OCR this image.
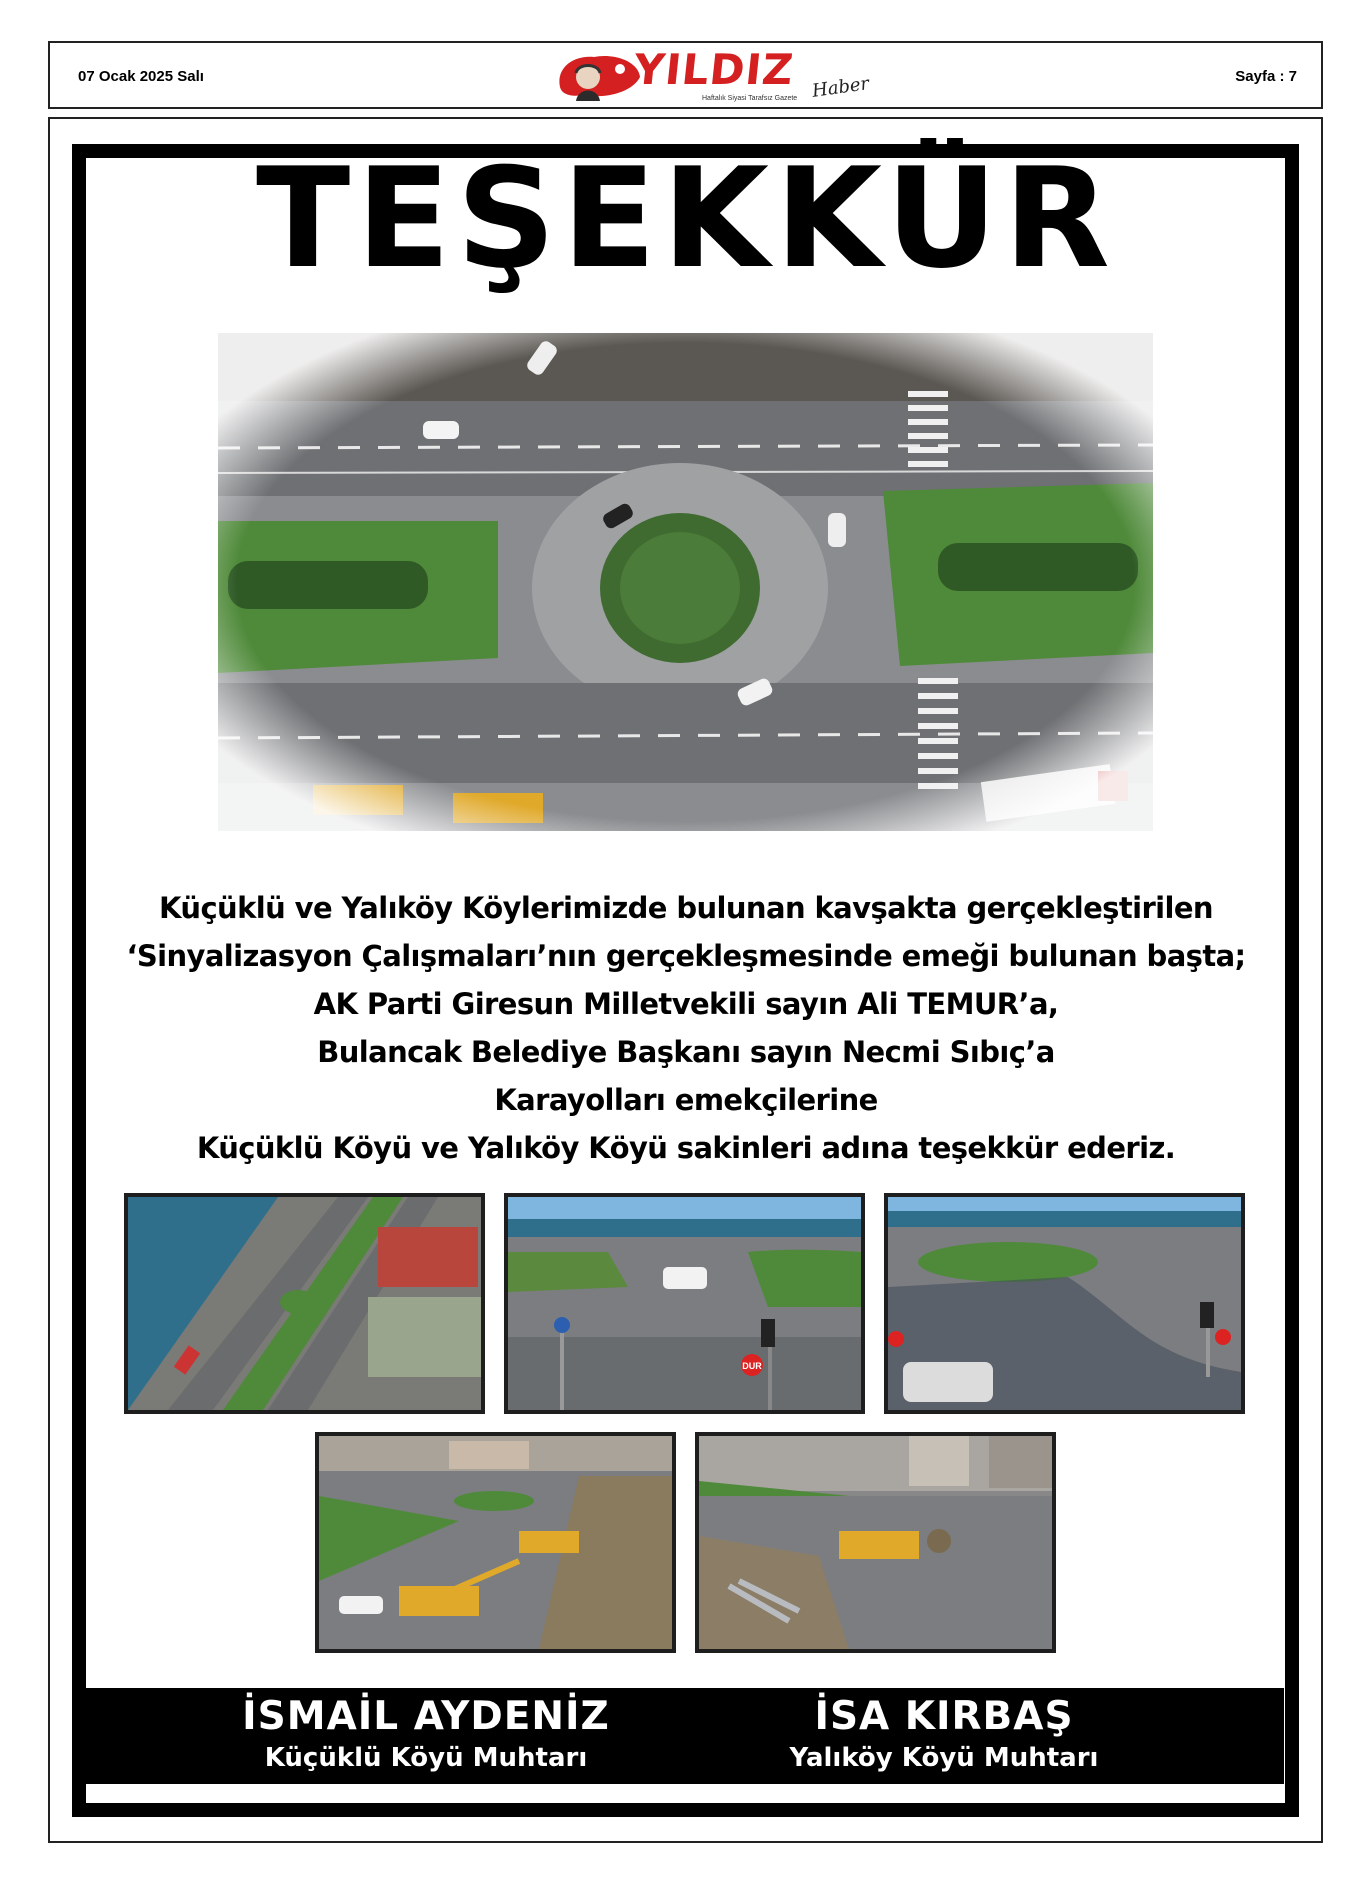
07 Ocak 2025 Salı	YILDIZ
Haftalık Siyasi Tarafsız Gazete Haber	Sayfa : 7
TEŞEKKÜR
Küçüklü ve Yalıköy Köylerimizde bulunan kavşakta gerçekleştirilen
‘Sinyalizasyon Çalışmaları’nın gerçekleşmesinde emeği bulunan başta;
AK Parti Giresun Milletvekili sayın Ali TEMUR’a,
Bulancak Belediye Başkanı sayın Necmi Sıbıç’a
Karayolları emekçilerine
Küçüklü Köyü ve Yalıköy Köyü sakinleri adına teşekkür ederiz.
DUR
İSMAİL AYDENİZ
Küçüklü Köyü Muhtarı
İSA KIRBAŞ
Yalıköy Köyü Muhtarı
